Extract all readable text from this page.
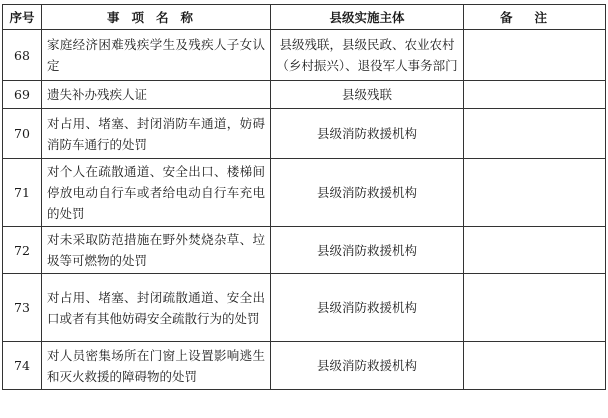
序号	事项名称	县级实施主体	备注
68	家庭经济困难残疾学生及残疾人子女认定	县级残联，县级民政、农业农村（乡村振兴）、退役军人事务部门	
69	遗失补办残疾人证	县级残联	
70	对占用、堵塞、封闭消防车通道，妨碍消防车通行的处罚	县级消防救援机构	
71	对个人在疏散通道、安全出口、楼梯间停放电动自行车或者给电动自行车充电的处罚	县级消防救援机构	
72	对未采取防范措施在野外焚烧杂草、垃圾等可燃物的处罚	县级消防救援机构	
73	对占用、堵塞、封闭疏散通道、安全出口或者有其他妨碍安全疏散行为的处罚	县级消防救援机构	
74	对人员密集场所在门窗上设置影响逃生和灭火救援的障碍物的处罚	县级消防救援机构	
